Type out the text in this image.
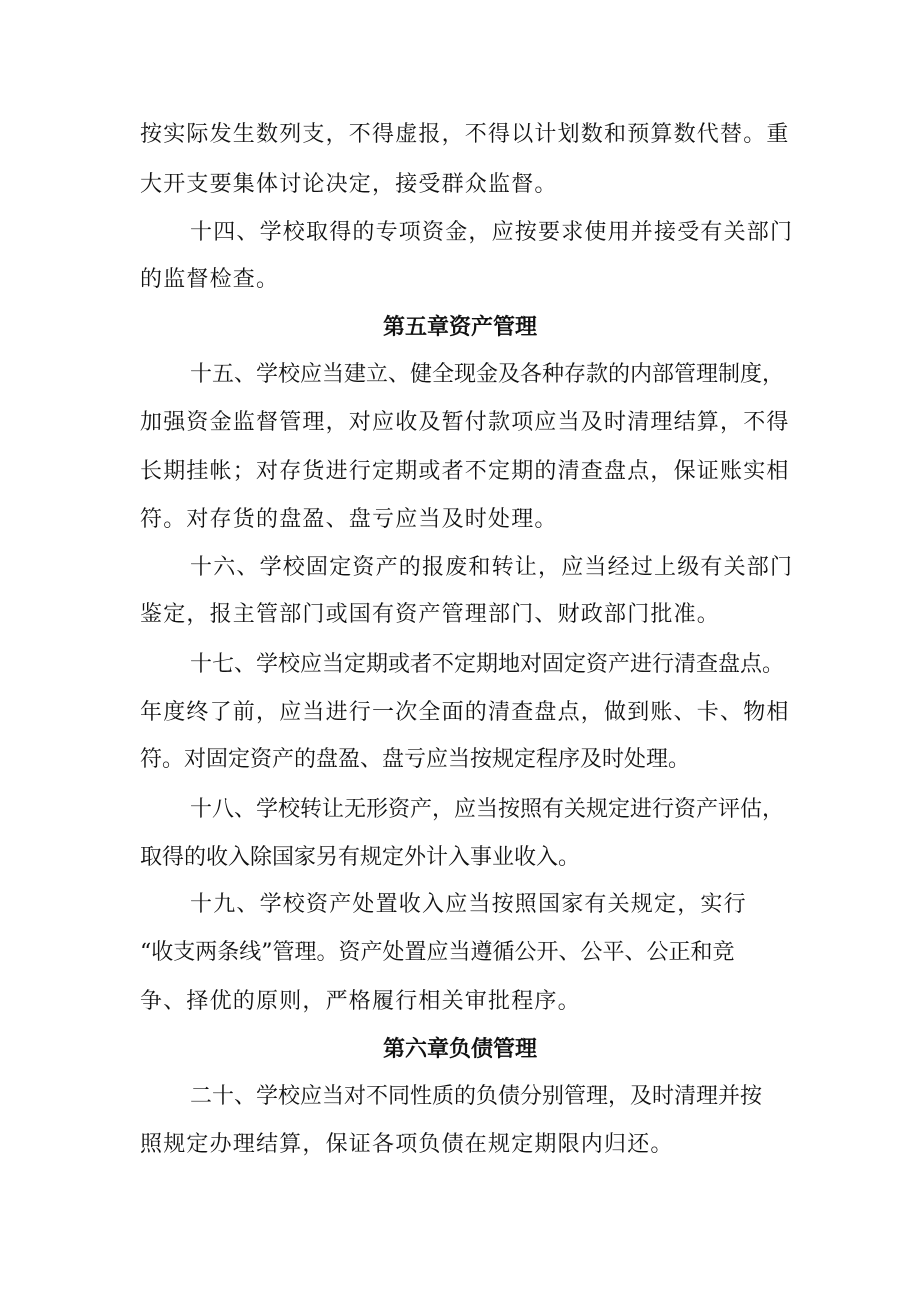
按实际发生数列支，不得虚报，不得以计划数和预算数代替。重
大开支要集体讨论决定，接受群众监督。
十四、学校取得的专项资金，应按要求使用并接受有关部门
的监督检查。
第五章资产管理
十五、学校应当建立、健全现金及各种存款的内部管理制度，
加强资金监督管理，对应收及暂付款项应当及时清理结算，不得
长期挂帐；对存货进行定期或者不定期的清查盘点，保证账实相
符。对存货的盘盈、盘亏应当及时处理。
十六、学校固定资产的报废和转让，应当经过上级有关部门
鉴定，报主管部门或国有资产管理部门、财政部门批准。
十七、学校应当定期或者不定期地对固定资产进行清查盘点。
年度终了前，应当进行一次全面的清查盘点，做到账、卡、物相
符。对固定资产的盘盈、盘亏应当按规定程序及时处理。
十八、学校转让无形资产，应当按照有关规定进行资产评估，
取得的收入除国家另有规定外计入事业收入。
十九、学校资产处置收入应当按照国家有关规定，实行
“收支两条线”管理。资产处置应当遵循公开、公平、公正和竞
争、择优的原则，严格履行相关审批程序。
第六章负债管理
二十、学校应当对不同性质的负债分别管理，及时清理并按
照规定办理结算，保证各项负债在规定期限内归还。
